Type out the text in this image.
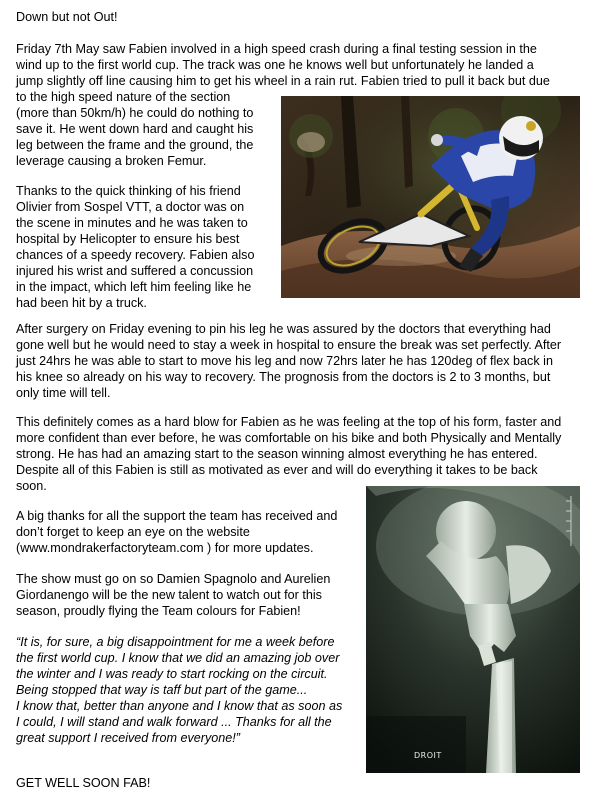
Down but not Out!
Friday 7th May saw Fabien involved in a high speed crash during a final testing session in the
wind up to the first world cup. The track was one he knows well but unfortunately he landed a
jump slightly off line causing him to get his wheel in a rain rut. Fabien tried to pull it back but due
to the high speed nature of the section
(more than 50km/h) he could do nothing to
save it. He went down hard and caught his
leg between the frame and the ground, the
leverage causing a broken Femur.
Thanks to the quick thinking of his friend
Olivier from Sospel VTT, a doctor was on
the scene in minutes and he was taken to
hospital by Helicopter to ensure his best
chances of a speedy recovery. Fabien also
injured his wrist and suffered a concussion
in the impact, which left him feeling like he
had been hit by a truck.
After surgery on Friday evening to pin his leg he was assured by the doctors that everything had
gone well but he would need to stay a week in hospital to ensure the break was set perfectly. After
just 24hrs he was able to start to move his leg and now 72hrs later he has 120deg of flex back in
his knee so already on his way to recovery. The prognosis from the doctors is 2 to 3 months, but
only time will tell.
This definitely comes as a hard blow for Fabien as he was feeling at the top of his form, faster and
more confident than ever before, he was comfortable on his bike and both Physically and Mentally
strong. He has had an amazing start to the season winning almost everything he has entered.
Despite all of this Fabien is still as motivated as ever and will do everything it takes to be back
soon.
A big thanks for all the support the team has received and
don’t forget to keep an eye on the website
(www.mondrakerfactoryteam.com ) for more updates.
The show must go on so Damien Spagnolo and Aurelien
Giordanengo will be the new talent to watch out for this
season, proudly flying the Team colours for Fabien!
“It is, for sure, a big disappointment for me a week before
the first world cup. I know that we did an amazing job over
the winter and I was ready to start rocking on the circuit.
Being stopped that way is taff but part of the game...
I know that, better than anyone and I know that as soon as
I could, I will stand and walk forward ... Thanks for all the
great support I received from everyone!”
GET WELL SOON FAB!
DROIT
